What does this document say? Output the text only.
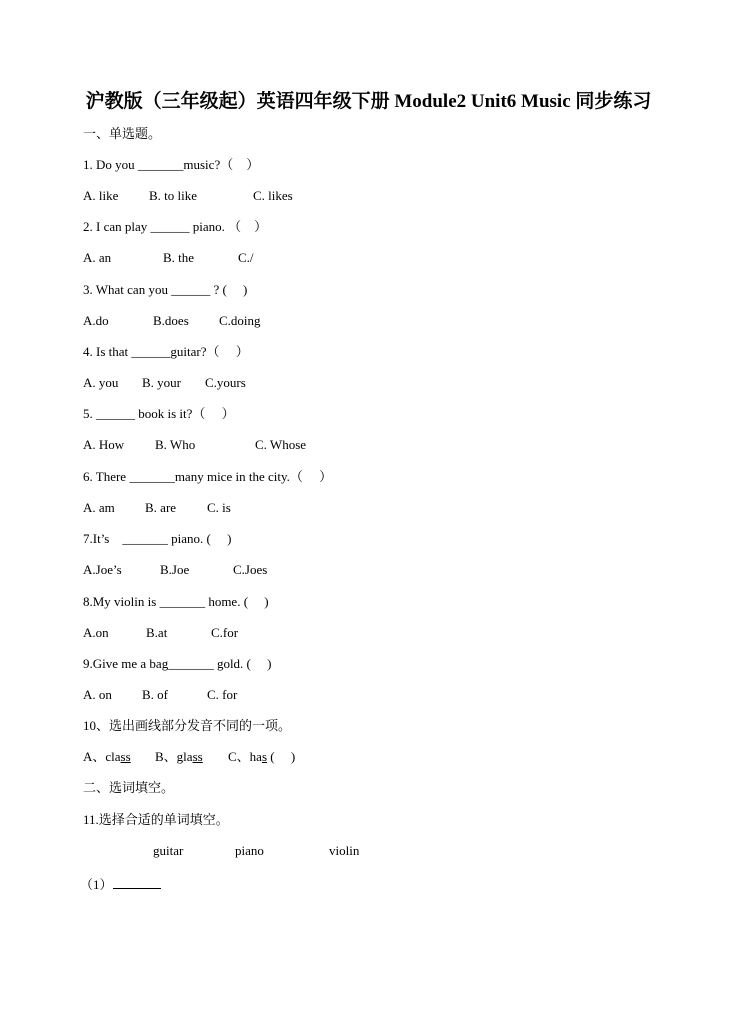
沪教版（三年级起）英语四年级下册 Module2 Unit6 Music 同步练习
一、单选题。
1. Do you _______music?（　）
A. like B. to like	C. likes
2. I can play ______ piano. （　）
A. an	B. the	C./
3. What can you ______ ? (　 )
A.do	B.does C.doing
4. Is that ______guitar?（　 ）
A. you B. your C.yours
5. ______ book is it?（　 ）
A. How B. Who	C. Whose
6. There _______many mice in the city.（　 ）
A. am B. are C. is
7.It’s　_______ piano. (　 )
A.Joe’s	B.Joe	C.Joes
8.My violin is _______ home. (　 )
A.on	B.at	C.for
9.Give me a bag_______ gold. (　 )
A. on B. of	C. for
10、选出画线部分发音不同的一项。
A、class B、glass C、has (　 )
二、选词填空。
11.选择合适的单词填空。
guitar	piano	violin
（1）
